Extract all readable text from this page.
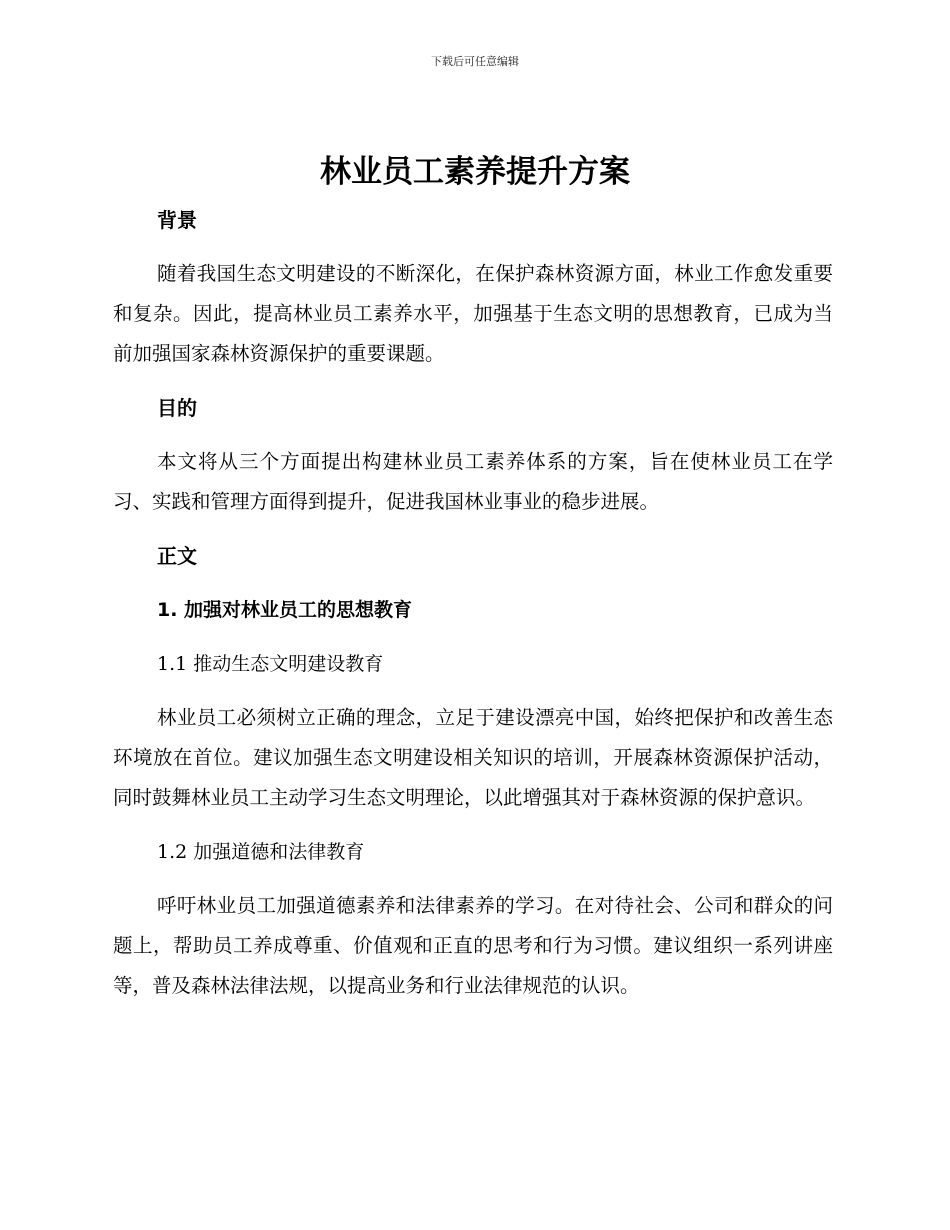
下载后可任意编辑
林业员工素养提升方案

背景

随着我国生态文明建设的不断深化，在保护森林资源方面，林业工作愈发重要和复杂。因此，提高林业员工素养水平，加强基于生态文明的思想教育，已成为当前加强国家森林资源保护的重要课题。

目的

本文将从三个方面提出构建林业员工素养体系的方案，旨在使林业员工在学习、实践和管理方面得到提升，促进我国林业事业的稳步进展。

正文

1. 加强对林业员工的思想教育

1.1 推动生态文明建设教育

林业员工必须树立正确的理念，立足于建设漂亮中国，始终把保护和改善生态环境放在首位。建议加强生态文明建设相关知识的培训，开展森林资源保护活动，同时鼓舞林业员工主动学习生态文明理论，以此增强其对于森林资源的保护意识。

1.2 加强道德和法律教育

呼吁林业员工加强道德素养和法律素养的学习。在对待社会、公司和群众的问题上，帮助员工养成尊重、价值观和正直的思考和行为习惯。建议组织一系列讲座等，普及森林法律法规，以提高业务和行业法律规范的认识。
